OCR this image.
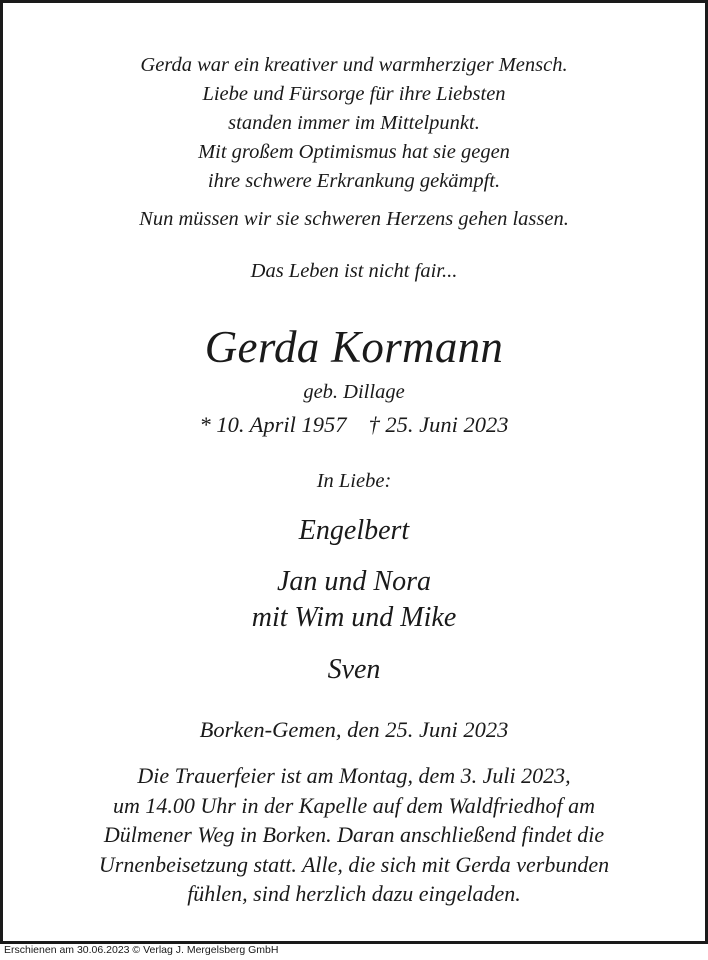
Gerda war ein kreativer und warmherziger Mensch.
Liebe und Fürsorge für ihre Liebsten
standen immer im Mittelpunkt.
Mit großem Optimismus hat sie gegen
ihre schwere Erkrankung gekämpft.
Nun müssen wir sie schweren Herzens gehen lassen.
Das Leben ist nicht fair...
Gerda Kormann
geb. Dillage
* 10. April 1957 † 25. Juni 2023
In Liebe:
Engelbert
Jan und Nora
mit Wim und Mike
Sven
Borken-Gemen, den 25. Juni 2023
Die Trauerfeier ist am Montag, dem 3. Juli 2023,
um 14.00 Uhr in der Kapelle auf dem Waldfriedhof am
Dülmener Weg in Borken. Daran anschließend findet die
Urnenbeisetzung statt. Alle, die sich mit Gerda verbunden
fühlen, sind herzlich dazu eingeladen.
Erschienen am 30.06.2023 © Verlag J. Mergelsberg GmbH
